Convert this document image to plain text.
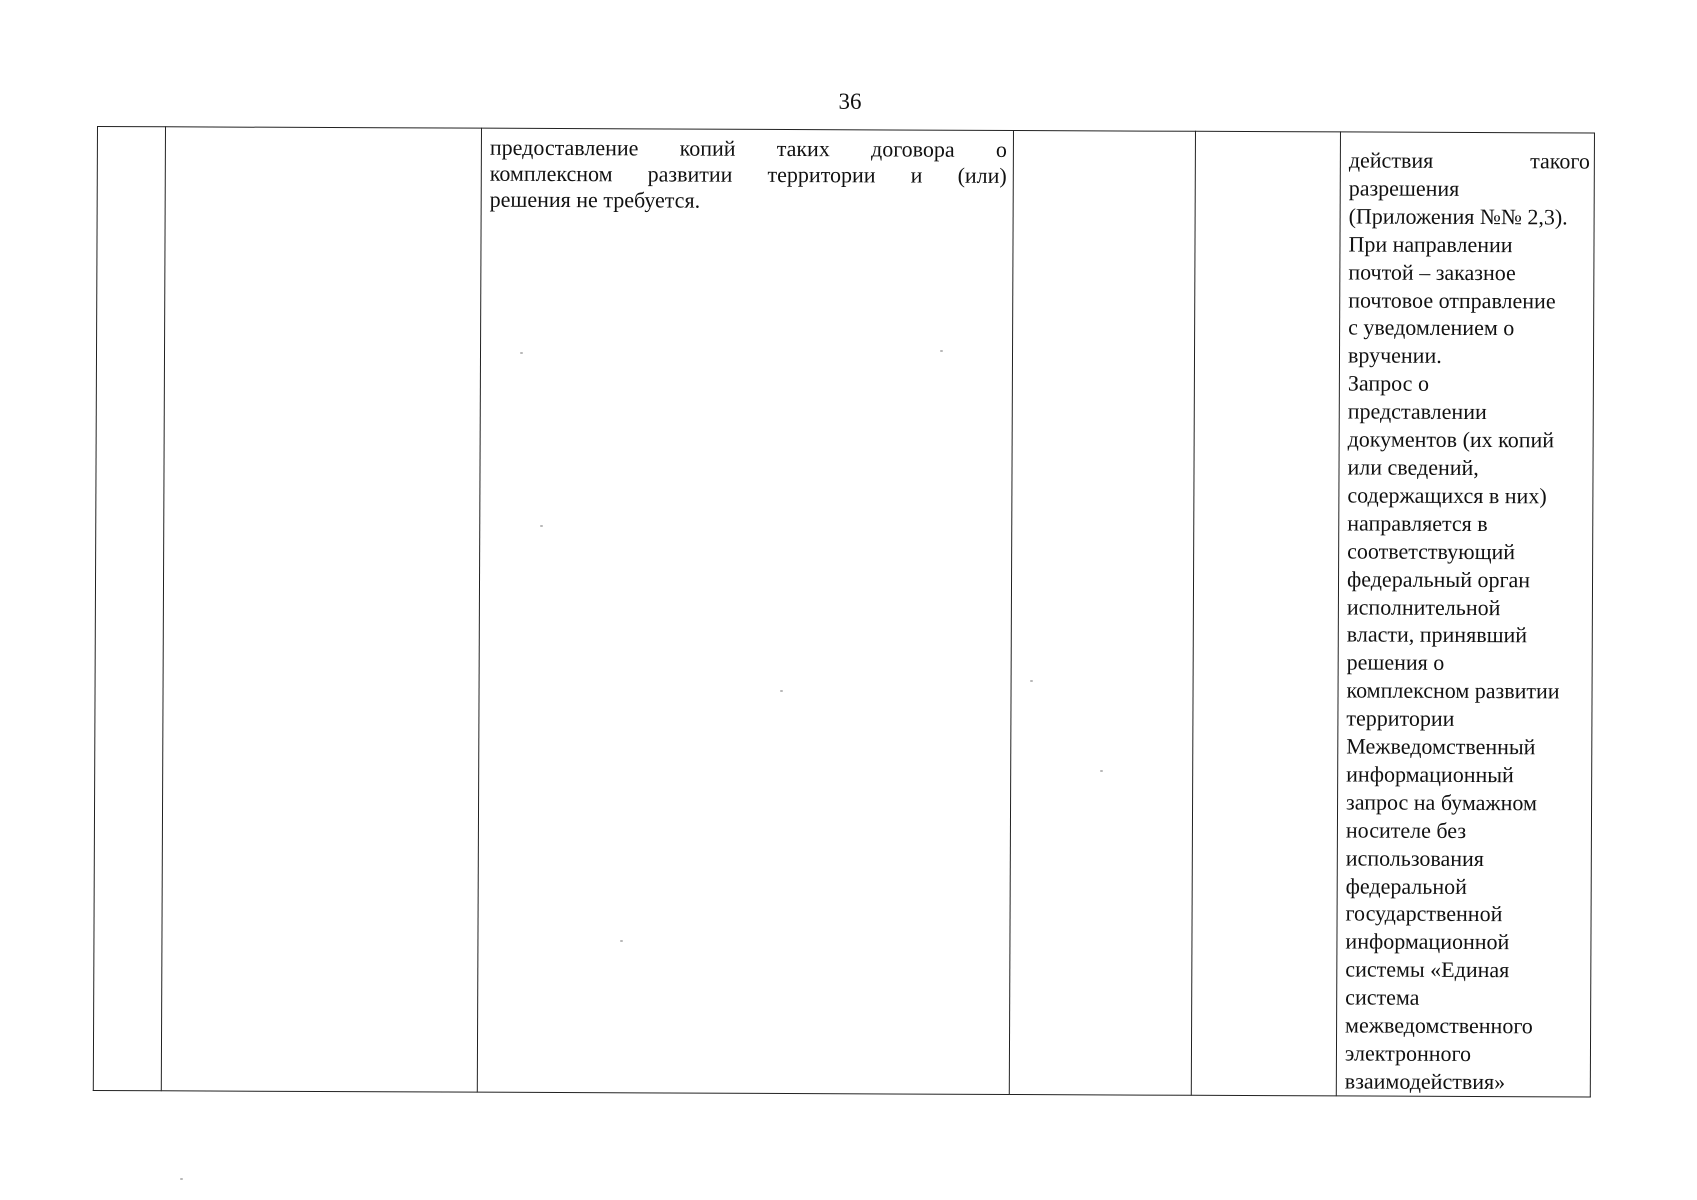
36

предоставление копий таких договора о
комплексном развитии территории и (или)
решения не требуется.

действия такого
разрешения
(Приложения №№ 2,3).
При направлении
почтой – заказное
почтовое отправление
с уведомлением о
вручении.
Запрос о
представлении
документов (их копий
или сведений,
содержащихся в них)
направляется в
соответствующий
федеральный орган
исполнительной
власти, принявший
решения о
комплексном развитии
территории
Межведомственный
информационный
запрос на бумажном
носителе без
использования
федеральной
государственной
информационной
системы «Единая
система
межведомственного
электронного
взаимодействия»
